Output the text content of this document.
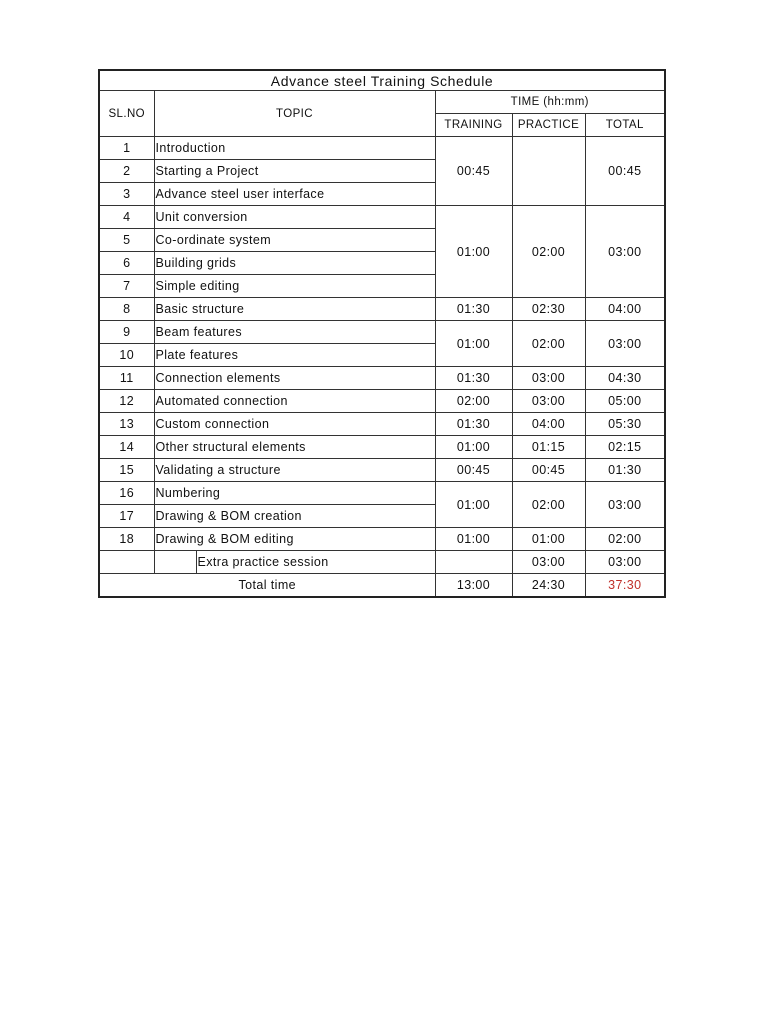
Advance steel Training Schedule					
SL.NO	TOPIC		TIME (hh:mm)		
			TRAINING	PRACTICE	TOTAL
1	Introduction		00:45		00:45
2	Starting a Project				
3	Advance steel user interface				
4	Unit conversion		01:00	02:00	03:00
5	Co-ordinate system				
6	Building grids				
7	Simple editing				
8	Basic structure		01:30	02:30	04:00
9	Beam features		01:00	02:00	03:00
10	Plate features				
11	Connection elements		01:30	03:00	04:30
12	Automated connection		02:00	03:00	05:00
13	Custom connection		01:30	04:00	05:30
14	Other structural elements		01:00	01:15	02:15
15	Validating a structure		00:45	00:45	01:30
16	Numbering		01:00	02:00	03:00
17	Drawing & BOM creation				
18	Drawing & BOM editing		01:00	01:00	02:00
		Extra practice session		03:00	03:00
Total time			13:00	24:30	37:30
